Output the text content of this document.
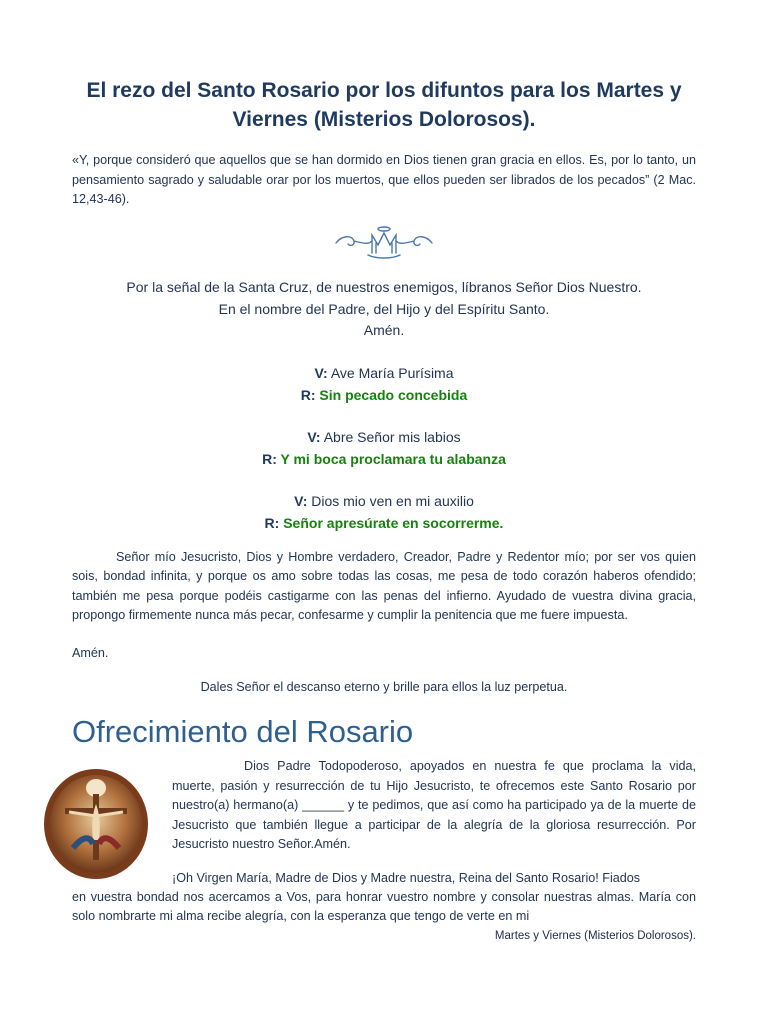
El rezo del Santo Rosario por los difuntos para los Martes y Viernes (Misterios Dolorosos).
«Y, porque consideró que aquellos que se han dormido en Dios tienen gran gracia en ellos. Es, por lo tanto, un pensamiento sagrado y saludable orar por los muertos, que ellos pueden ser librados de los pecados” (2 Mac. 12,43-46).
Por la señal de la Santa Cruz, de nuestros enemigos, líbranos Señor Dios Nuestro.
En el nombre del Padre, del Hijo y del Espíritu Santo.
Amén.
V: Ave María Purísima
R: Sin pecado concebida
V: Abre Señor mis labios
R: Y mi boca proclamara tu alabanza
V: Dios mio ven en mi auxilio
R: Señor apresúrate en socorrerme.
Señor mío Jesucristo, Dios y Hombre verdadero, Creador, Padre y Redentor mío; por ser vos quien sois, bondad infinita, y porque os amo sobre todas las cosas, me pesa de todo corazón haberos ofendido; también me pesa porque podéis castigarme con las penas del infierno. Ayudado de vuestra divina gracia, propongo firmemente nunca más pecar, confesarme y cumplir la penitencia que me fuere impuesta.
Amén.
Dales Señor el descanso eterno y brille para ellos la luz perpetua.
Ofrecimiento del Rosario
Dios Padre Todopoderoso, apoyados en nuestra fe que proclama la vida, muerte, pasión y resurrección de tu Hijo Jesucristo, te ofrecemos este Santo Rosario por nuestro(a) hermano(a) ______ y te pedimos, que así como ha participado ya de la muerte de Jesucristo que también llegue a participar de la alegría de la gloriosa resurrección. Por Jesucristo nuestro Señor.Amén.
¡Oh Virgen María, Madre de Dios y Madre nuestra, Reina del Santo Rosario! Fiados
en vuestra bondad nos acercamos a Vos, para honrar vuestro nombre y consolar nuestras almas. María con solo nombrarte mi alma recibe alegría, con la esperanza que tengo de verte en mi
Martes y Viernes (Misterios Dolorosos).
